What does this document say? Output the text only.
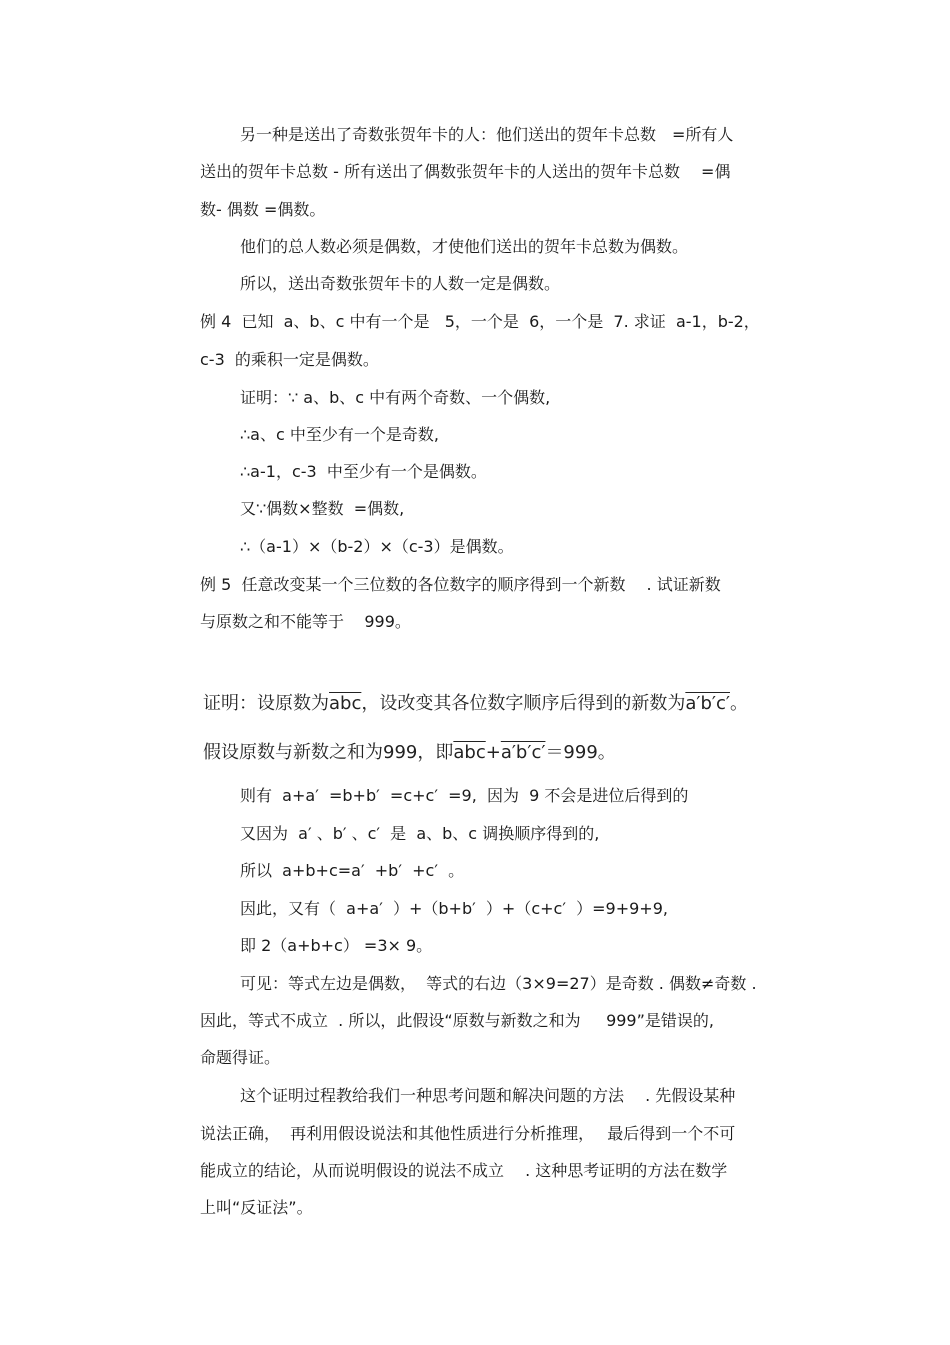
另一种是送出了奇数张贺年卡的人：他们送出的贺年卡总数　=所有人
送出的贺年卡总数 - 所有送出了偶数张贺年卡的人送出的贺年卡总数　 =偶
数- 偶数 =偶数。
他们的总人数必须是偶数，才使他们送出的贺年卡总数为偶数。
所以，送出奇数张贺年卡的人数一定是偶数。
例 4  已知  a、b、c 中有一个是   5，一个是  6，一个是  7. 求证  a-1，b-2，
c-3  的乘积一定是偶数。
证明：∵ a、b、c 中有两个奇数、一个偶数,
∴a、c 中至少有一个是奇数,
∴a-1，c-3  中至少有一个是偶数。
又∵偶数×整数  =偶数,
∴（a-1）×（b-2）×（c-3）是偶数。
例 5  任意改变某一个三位数的各位数字的顺序得到一个新数　 . 试证新数
与原数之和不能等于    999。
证明：设原数为$\overline{abc}$，设改变其各位数字顺序后得到的新数为a′b′c′。
假设原数与新数之和为999，即$\overline{abc}+a'b'c'=999$。
则有  a+a′  =b+b′  =c+c′  =9,  因为  9 不会是进位后得到的
又因为  a′ 、b′ 、c′  是  a、b、c 调换顺序得到的,
所以  a+b+c=a′  +b′  +c′  。
因此，又有（  a+a′  ）+（b+b′  ）+（c+c′  ）=9+9+9,
即 2（a+b+c） =3× 9。
可见：等式左边是偶数，  等式的右边（3×9=27）是奇数 . 偶数≠奇数 .
因此，等式不成立  . 所以，此假设“原数与新数之和为     999”是错误的,
命题得证。
这个证明过程教给我们一种思考问题和解决问题的方法　 . 先假设某种
说法正确，  再利用假设说法和其他性质进行分析推理，　 最后得到一个不可
能成立的结论，从而说明假设的说法不成立　 . 这种思考证明的方法在数学
上叫“反证法”。
